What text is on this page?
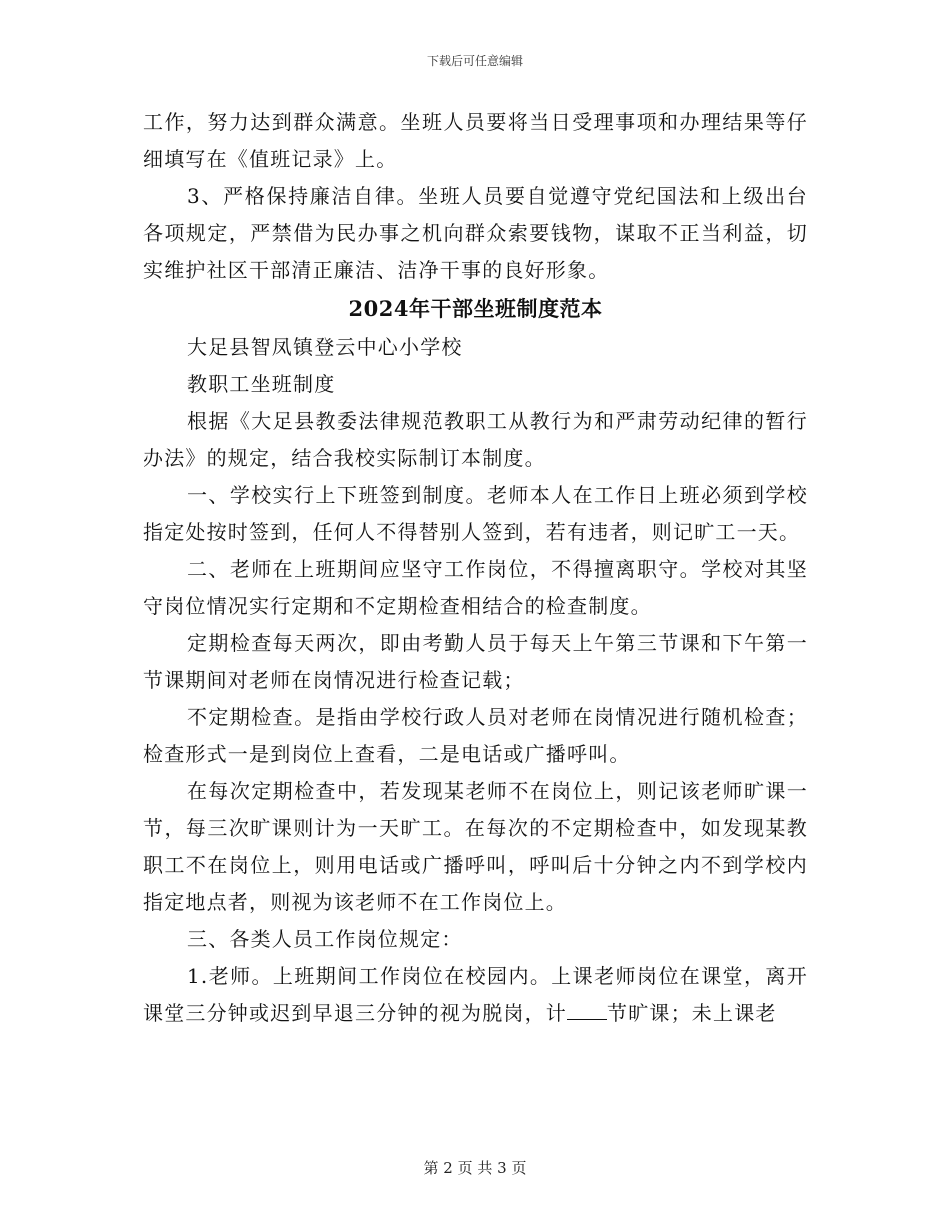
下载后可任意编辑

工作，努力达到群众满意。坐班人员要将当日受理事项和办理结果等仔细填写在《值班记录》上。

3、严格保持廉洁自律。坐班人员要自觉遵守党纪国法和上级出台各项规定，严禁借为民办事之机向群众索要钱物，谋取不正当利益，切实维护社区干部清正廉洁、洁净干事的良好形象。

2024年干部坐班制度范本

大足县智凤镇登云中心小学校

教职工坐班制度

根据《大足县教委法律规范教职工从教行为和严肃劳动纪律的暂行办法》的规定，结合我校实际制订本制度。

一、学校实行上下班签到制度。老师本人在工作日上班必须到学校指定处按时签到，任何人不得替别人签到，若有违者，则记旷工一天。

二、老师在上班期间应坚守工作岗位，不得擅离职守。学校对其坚守岗位情况实行定期和不定期检查相结合的检查制度。

定期检查每天两次，即由考勤人员于每天上午第三节课和下午第一节课期间对老师在岗情况进行检查记载；

不定期检查。是指由学校行政人员对老师在岗情况进行随机检查；检查形式一是到岗位上查看，二是电话或广播呼叫。

在每次定期检查中，若发现某老师不在岗位上，则记该老师旷课一节，每三次旷课则计为一天旷工。在每次的不定期检查中，如发现某教职工不在岗位上，则用电话或广播呼叫，呼叫后十分钟之内不到学校内指定地点者，则视为该老师不在工作岗位上。

三、各类人员工作岗位规定：

1.老师。上班期间工作岗位在校园内。上课老师岗位在课堂，离开课堂三分钟或迟到早退三分钟的视为脱岗，计 节旷课；未上课老

第 2 页 共 3 页
